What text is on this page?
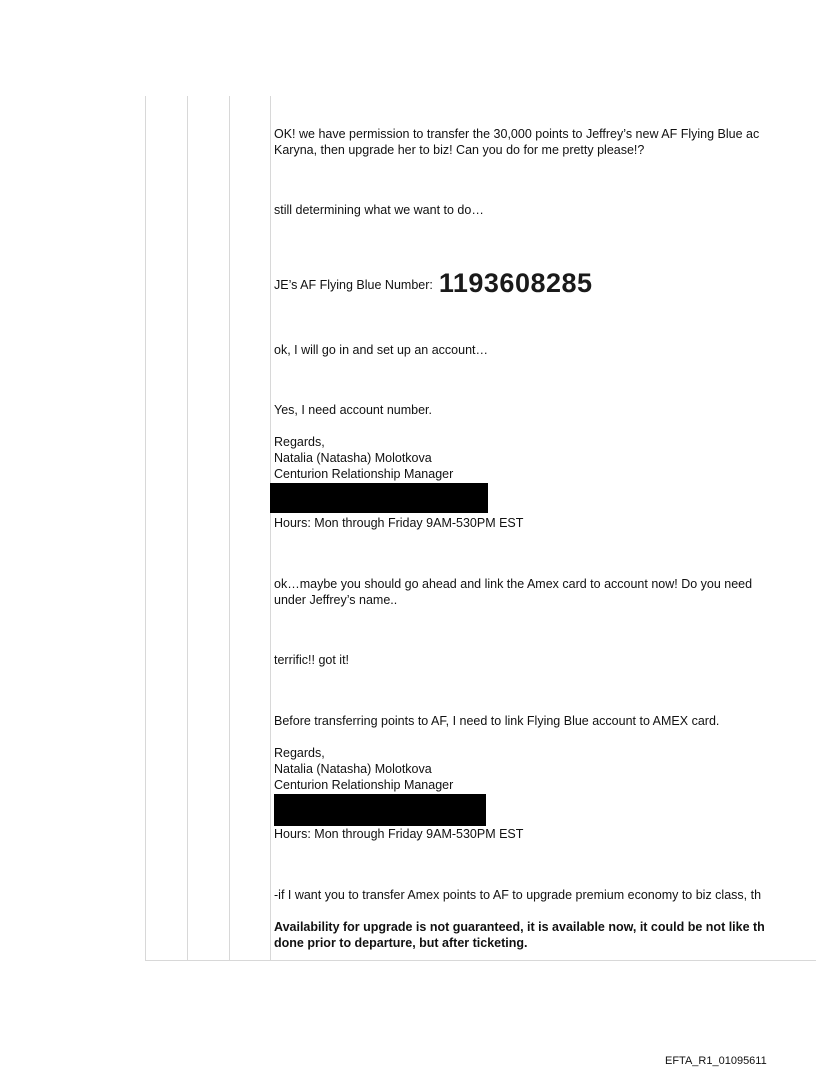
OK! we have permission to transfer the 30,000 points to Jeffrey’s new AF Flying Blue ac
Karyna, then upgrade her to biz! Can you do for me pretty please!?
still determining what we want to do…
JE’s AF Flying Blue Number: 1193608285
ok, I will go in and set up an account…
Yes, I need account number.
Regards,
Natalia (Natasha) Molotkova
Centurion Relationship Manager
Hours: Mon through Friday 9AM-530PM EST
ok…maybe you should go ahead and link the Amex card to account now! Do you need
under Jeffrey’s name..
terrific!! got it!
Before transferring points to AF, I need to link Flying Blue account to AMEX card.
Regards,
Natalia (Natasha) Molotkova
Centurion Relationship Manager
Hours: Mon through Friday 9AM-530PM EST
-if I want you to transfer Amex points to AF to upgrade premium economy to biz class, th
Availability for upgrade is not guaranteed, it is available now, it could be not like th
done prior to departure, but after ticketing.
EFTA_R1_01095611
